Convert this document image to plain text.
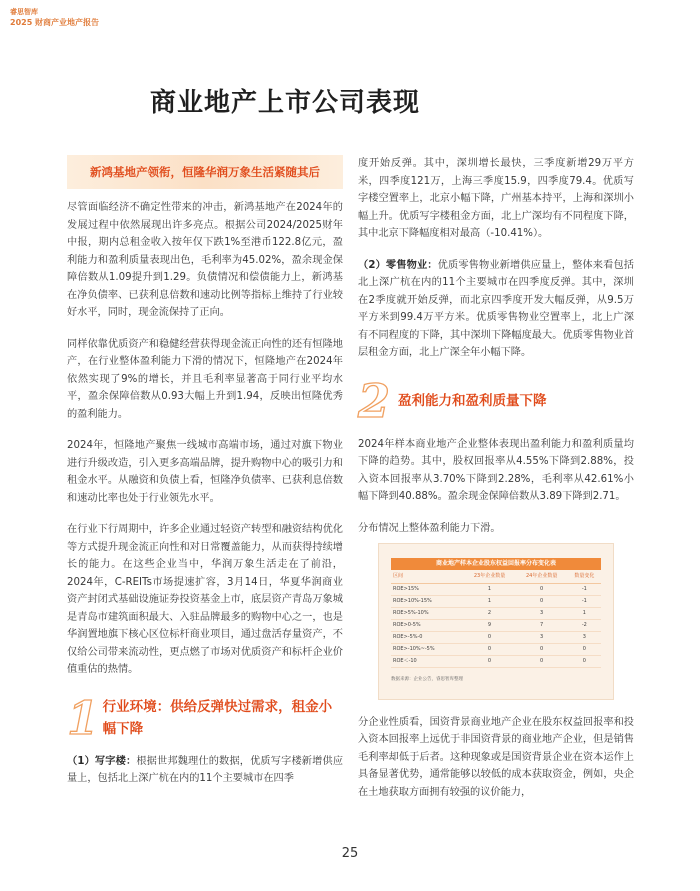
睿思智库
2025 财商产业地产报告
商业地产上市公司表现
新鸿基地产领衔，恒隆华润万象生活紧随其后

尽管面临经济不确定性带来的冲击，新鸿基地产在2024年的发展过程中依然展现出许多亮点。根据公司2024/2025财年中报，期内总租金收入按年仅下跌1%至港币122.8亿元，盈利能力和盈利质量表现出色，毛利率为45.02%，盈余现金保障倍数从1.09提升到1.29。负债情况和偿债能力上，新鸿基在净负债率、已获利息倍数和速动比例等指标上维持了行业较好水平，同时，现金流保持了正向。

同样依靠优质资产和稳健经营获得现金流正向性的还有恒隆地产，在行业整体盈利能力下滑的情况下，恒隆地产在2024年依然实现了9%的增长，并且毛利率显著高于同行业平均水平，盈余保障倍数从0.93大幅上升到1.94，反映出恒隆优秀的盈利能力。

2024年，恒隆地产聚焦一线城市高端市场，通过对旗下物业进行升级改造，引入更多高端品牌，提升购物中心的吸引力和租金水平。从融资和负债上看，恒隆净负债率、已获利息倍数和速动比率也处于行业领先水平。

在行业下行周期中，许多企业通过轻资产转型和融资结构优化等方式提升现金流正向性和对日常覆盖能力，从而获得持续增长的能力。在这些企业当中，华润万象生活走在了前沿，2024年，C-REITs市场提速扩容，3月14日，华夏华润商业资产封闭式基础设施证券投资基金上市，底层资产青岛万象城是青岛市建筑面积最大、入驻品牌最多的购物中心之一，也是华润置地旗下核心区位标杆商业项目，通过盘活存量资产，不仅给公司带来流动性，更点燃了市场对优质资产和标杆企业价值重估的热情。

1 行业环境：供给反弹快过需求，租金小幅下降

（1）写字楼：根据世邦魏理仕的数据，优质写字楼新增供应量上，包括北上深广杭在内的11个主要城市在四季

度开始反弹。其中，深圳增长最快，三季度新增29万平方米，四季度121万，上海三季度15.9，四季度79.4。优质写字楼空置率上，北京小幅下降，广州基本持平，上海和深圳小幅上升。优质写字楼租金方面，北上广深均有不同程度下降，其中北京下降幅度相对最高（-10.41%）。

（2）零售物业：优质零售物业新增供应量上，整体来看包括北上深广杭在内的11个主要城市在四季度反弹。其中，深圳在2季度就开始反弹，而北京四季度开发大幅反弹，从9.5万平方米到99.4万平方米。优质零售物业空置率上，北上广深有不同程度的下降，其中深圳下降幅度最大。优质零售物业首层租金方面，北上广深全年小幅下降。

2 盈利能力和盈利质量下降

2024年样本商业地产企业整体表现出盈利能力和盈利质量均下降的趋势。其中，股权回报率从4.55%下降到2.88%，投入资本回报率从3.70%下降到2.28%，毛利率从42.61%小幅下降到40.88%。盈余现金保障倍数从3.89下降到2.71。

分布情况上整体盈利能力下滑。

商业地产样本企业股东权益回报率分布变化表
区间	23年企业数量	24年企业数量	数量变化
ROE>15%	1	0	-1
ROE>10%-15%	1	0	-1
ROE>5%-10%	2	3	1
ROE>0-5%	9	7	-2
ROE>-5%-0	0	3	3
ROE>-10%~-5%	0	0	0
ROE＜-10	0	0	0
数据来源：企业公告，睿思智库整理

分企业性质看，国资背景商业地产企业在股东权益回报率和投入资本回报率上远优于非国资背景的商业地产企业，但是销售毛利率却低于后者。这种现象或是国资背景企业在资本运作上具备显著优势，通常能够以较低的成本获取资金，例如，央企在土地获取方面拥有较强的议价能力，

25
